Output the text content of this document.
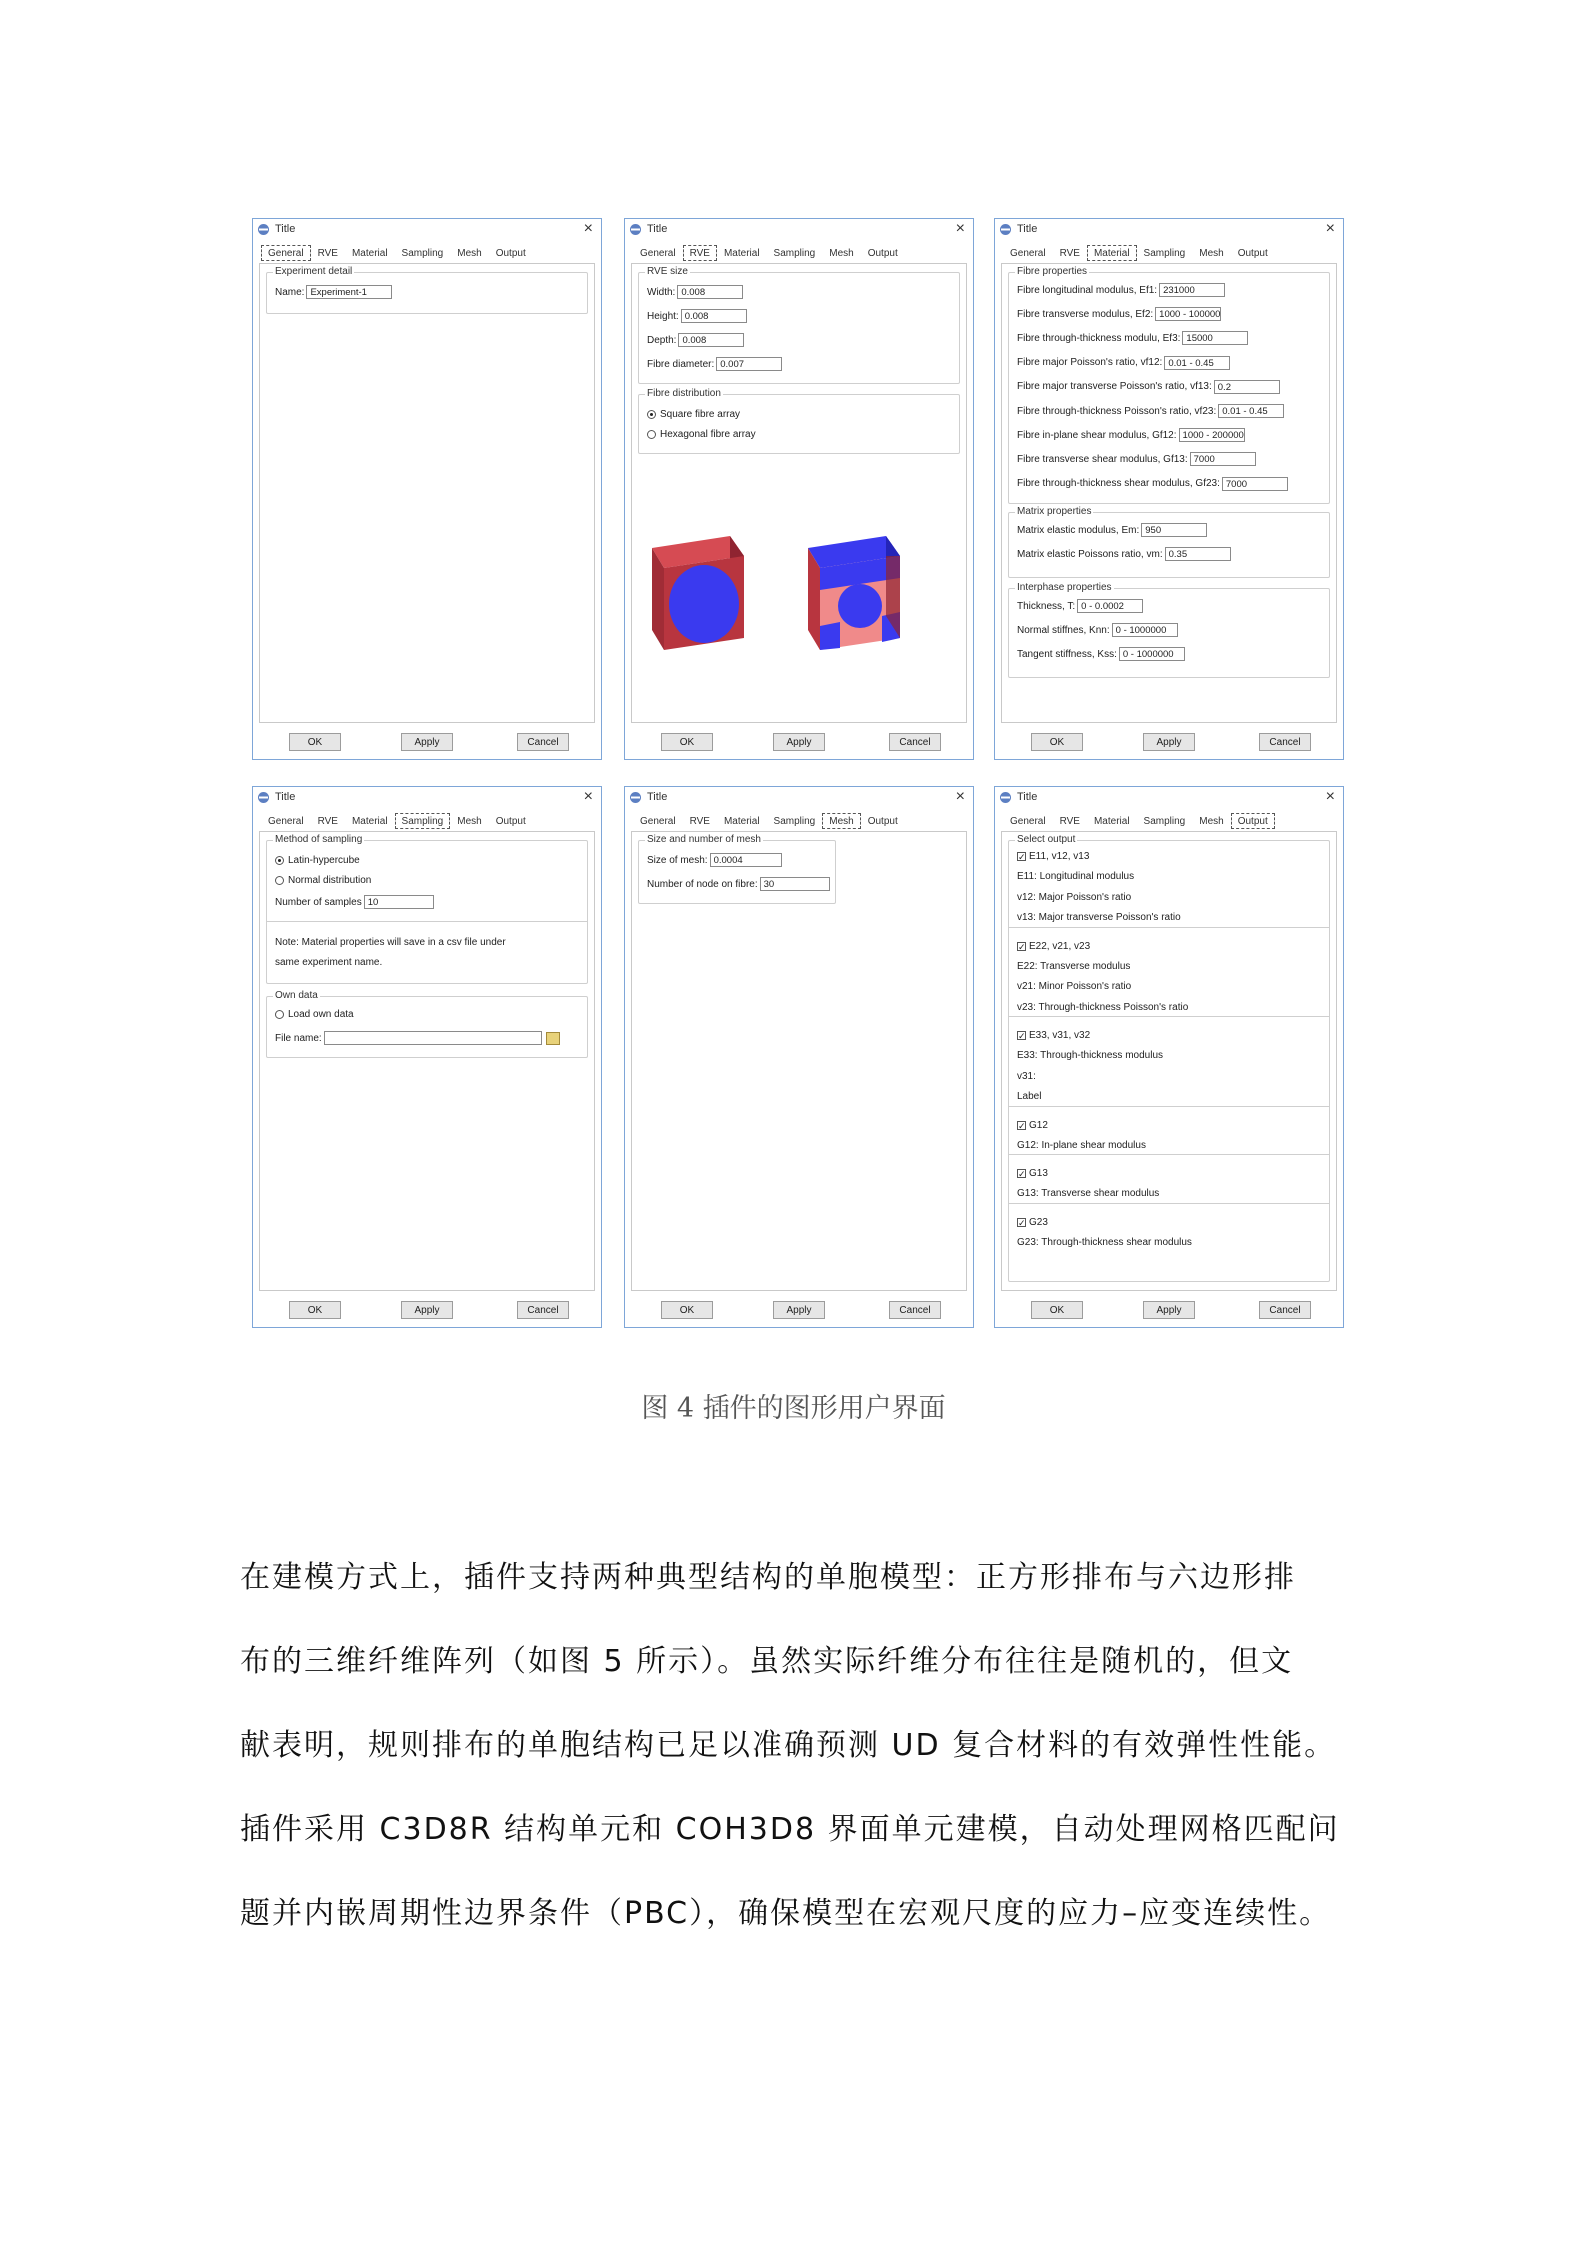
Title	×
General	RVE	Material	Sampling	Mesh	Output
Experiment detail
Name: Experiment-1
OK	Apply	Cancel
Title	×
General	RVE	Material	Sampling	Mesh	Output
RVE size
Width: 0.008
Height: 0.008
Depth: 0.008
Fibre diameter: 0.007
Fibre distribution
Square fibre array
Hexagonal fibre array
OK	Apply	Cancel
Title	×
General	RVE	Material	Sampling	Mesh	Output
Fibre properties
Fibre longitudinal modulus, Ef1: 231000
Fibre transverse modulus, Ef2: 1000 - 100000
Fibre through-thickness modulu, Ef3: 15000
Fibre major Poisson's ratio, vf12: 0.01 - 0.45
Fibre major transverse Poisson's ratio, vf13: 0.2
Fibre through-thickness Poisson's ratio, vf23: 0.01 - 0.45
Fibre in-plane shear modulus, Gf12: 1000 - 200000
Fibre transverse shear modulus, Gf13: 7000
Fibre through-thickness shear modulus, Gf23: 7000
Matrix properties
Matrix elastic modulus, Em: 950
Matrix elastic Poissons ratio, vm: 0.35
Interphase properties
Thickness, T: 0 - 0.0002
Normal stiffnes, Knn: 0 - 1000000
Tangent stiffness, Kss: 0 - 1000000
OK	Apply	Cancel
Title	×
General	RVE	Material	Sampling	Mesh	Output
Method of sampling
Latin-hypercube
Normal distribution
Number of samples 10
Note: Material properties will save in a csv file under
same experiment name.
Own data
Load own data
File name:
OK	Apply	Cancel
Title	×
General	RVE	Material	Sampling	Mesh	Output
Size and number of mesh
Size of mesh: 0.0004
Number of node on fibre: 30
OK	Apply	Cancel
Title	×
General	RVE	Material	Sampling	Mesh	Output
Select output
✓ E11, v12, v13
E11: Longitudinal modulus
v12: Major Poisson's ratio
v13: Major transverse Poisson's ratio
✓ E22, v21, v23
E22: Transverse modulus
v21: Minor Poisson's ratio
v23: Through-thickness Poisson's ratio
✓ E33, v31, v32
E33: Through-thickness modulus
v31:
Label
✓ G12
G12: In-plane shear modulus
✓ G13
G13: Transverse shear modulus
✓ G23
G23: Through-thickness shear modulus
OK	Apply	Cancel
图 4 插件的图形用户界面
在建模方式上，插件支持两种典型结构的单胞模型：正方形排布与六边形排
布的三维纤维阵列（如图 5 所示）。虽然实际纤维分布往往是随机的，但文
献表明，规则排布的单胞结构已足以准确预测 UD 复合材料的有效弹性性能。
插件采用 C3D8R 结构单元和 COH3D8 界面单元建模，自动处理网格匹配问
题并内嵌周期性边界条件（PBC），确保模型在宏观尺度的应力–应变连续性。
